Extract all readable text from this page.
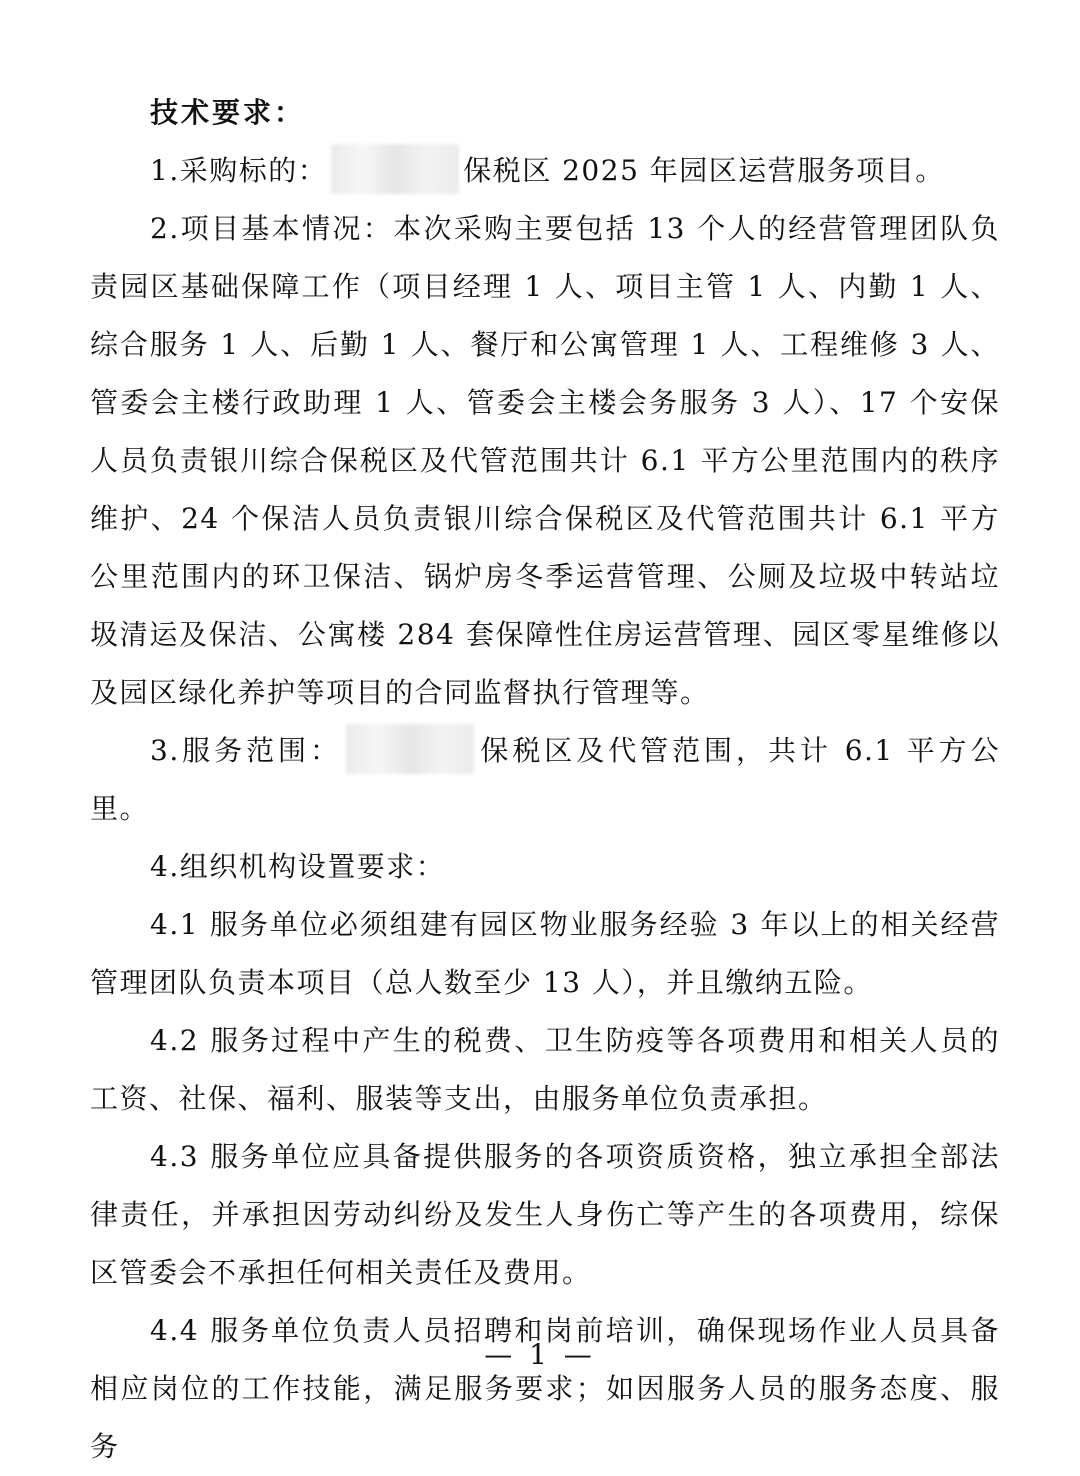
技术要求：

1.采购标的：	保税区 2025 年园区运营服务项目。

2.项目基本情况：本次采购主要包括 13 个人的经营管理团队负责园区基础保障工作（项目经理 1 人、项目主管 1 人、内勤 1 人、综合服务 1 人、后勤 1 人、餐厅和公寓管理 1 人、工程维修 3 人、管委会主楼行政助理 1 人、管委会主楼会务服务 3 人）、17 个安保人员负责银川综合保税区及代管范围共计 6.1 平方公里范围内的秩序维护、24 个保洁人员负责银川综合保税区及代管范围共计 6.1 平方公里范围内的环卫保洁、锅炉房冬季运营管理、公厕及垃圾中转站垃圾清运及保洁、公寓楼 284 套保障性住房运营管理、园区零星维修以及园区绿化养护等项目的合同监督执行管理等。

3.服务范围：	保税区及代管范围，共计 6.1 平方公里。

4.组织机构设置要求：

4.1 服务单位必须组建有园区物业服务经验 3 年以上的相关经营管理团队负责本项目（总人数至少 13 人），并且缴纳五险。

4.2 服务过程中产生的税费、卫生防疫等各项费用和相关人员的工资、社保、福利、服装等支出，由服务单位负责承担。

4.3 服务单位应具备提供服务的各项资质资格，独立承担全部法律责任，并承担因劳动纠纷及发生人身伤亡等产生的各项费用，综保区管委会不承担任何相关责任及费用。

4.4 服务单位负责人员招聘和岗前培训，确保现场作业人员具备相应岗位的工作技能，满足服务要求；如因服务人员的服务态度、服务

— 1 —
